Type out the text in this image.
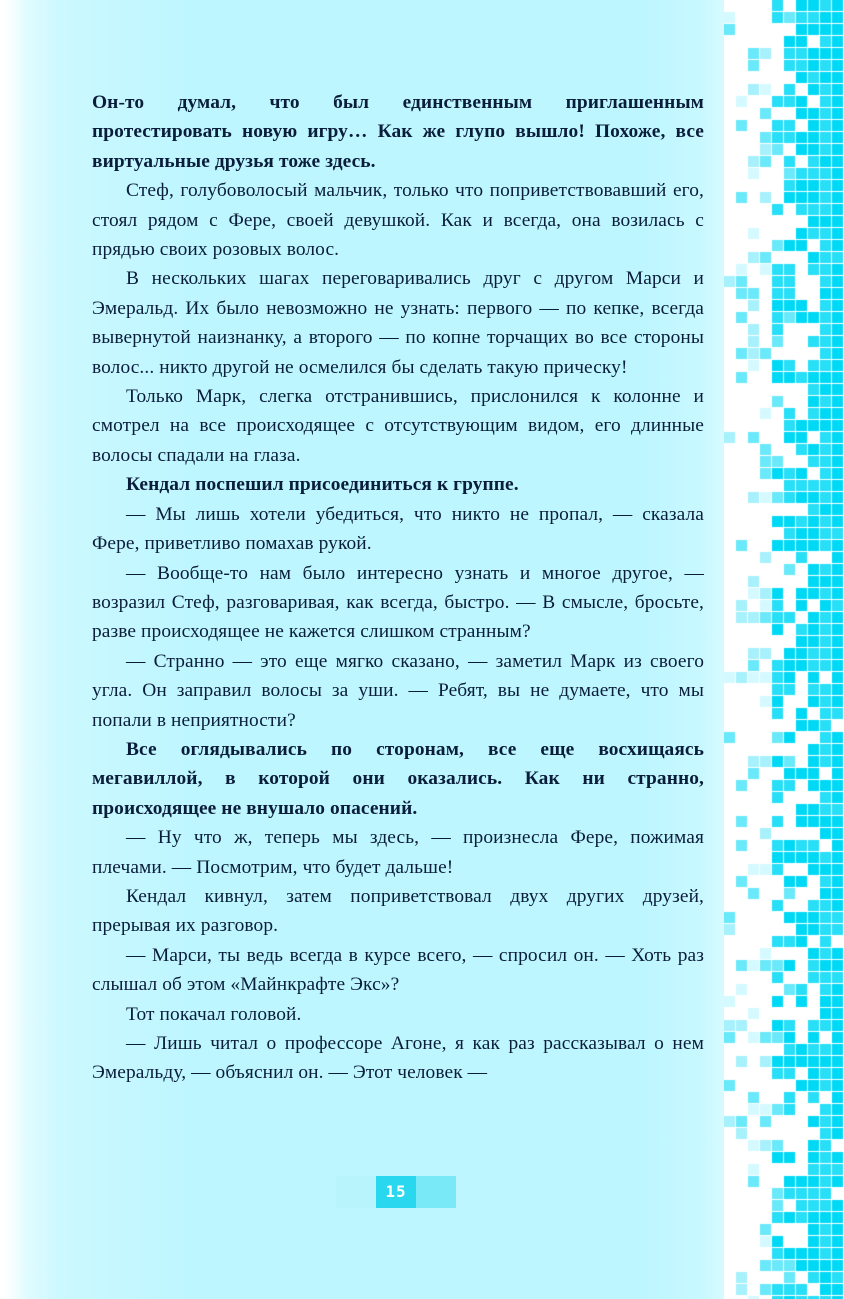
Он-то думал, что был единственным приглашенным протестировать новую игру… Как же глупо вышло! Похоже, все виртуальные друзья тоже здесь.

Стеф, голубоволосый мальчик, только что поприветствовавший его, стоял рядом с Фере, своей девушкой. Как и всегда, она возилась с прядью своих розовых волос.

В нескольких шагах переговаривались друг с другом Марси и Эмеральд. Их было невозможно не узнать: первого — по кепке, всегда вывернутой наизнанку, а второго — по копне торчащих во все стороны волос... никто другой не осмелился бы сделать такую прическу!

Только Марк, слегка отстранившись, прислонился к колонне и смотрел на все происходящее с отсутствующим видом, его длинные волосы спадали на глаза.

Кендал поспешил присоединиться к группе.

— Мы лишь хотели убедиться, что никто не пропал, — сказала Фере, приветливо помахав рукой.

— Вообще-то нам было интересно узнать и многое другое, — возразил Стеф, разговаривая, как всегда, быстро. — В смысле, бросьте, разве происходящее не кажется слишком странным?

— Странно — это еще мягко сказано, — заметил Марк из своего угла. Он заправил волосы за уши. — Ребят, вы не думаете, что мы попали в неприятности?

Все оглядывались по сторонам, все еще восхищаясь мегавиллой, в которой они оказались. Как ни странно, происходящее не внушало опасений.

— Ну что ж, теперь мы здесь, — произнесла Фере, пожимая плечами. — Посмотрим, что будет дальше!

Кендал кивнул, затем поприветствовал двух других друзей, прерывая их разговор.

— Марси, ты ведь всегда в курсе всего, — спросил он. — Хоть раз слышал об этом «Майнкрафте Экс»?

Тот покачал головой.

— Лишь читал о профессоре Агоне, я как раз рассказывал о нем Эмеральду, — объяснил он. — Этот человек —

15
